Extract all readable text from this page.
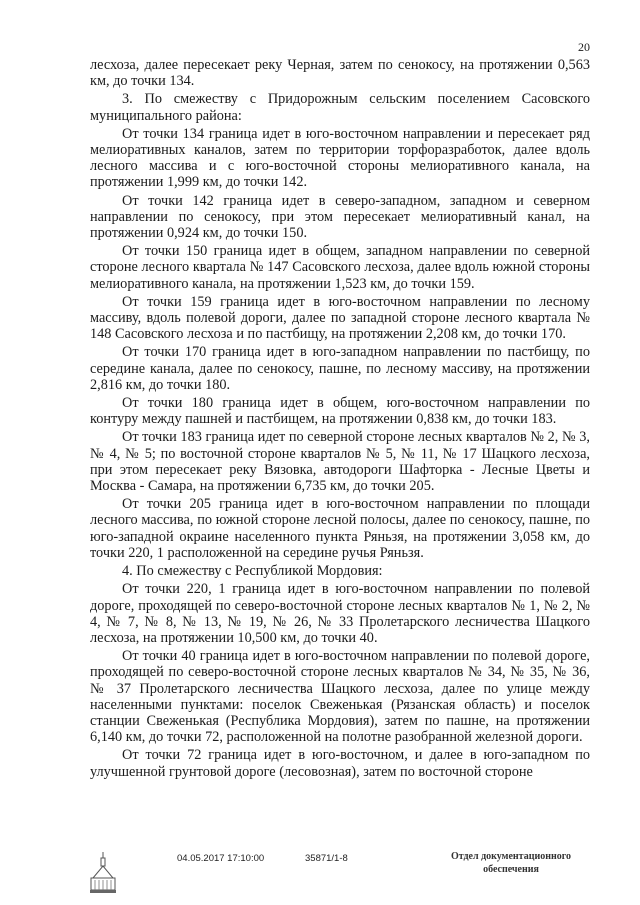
20

лесхоза, далее пересекает реку Черная, затем по сенокосу, на протяжении 0,563 км, до точки 134.

3. По смежеству с Придорожным сельским поселением Сасовского муниципального района:

От точки 134 граница идет в юго-восточном направлении и пересекает ряд мелиоративных каналов, затем по территории торфоразработок, далее вдоль лесного массива и с юго-восточной стороны мелиоративного канала, на протяжении 1,999 км, до точки 142.

От точки 142 граница идет в северо-западном, западном и северном направлении по сенокосу, при этом пересекает мелиоративный канал, на протяжении 0,924 км, до точки 150.

От точки 150 граница идет в общем, западном направлении по северной стороне лесного квартала № 147 Сасовского лесхоза, далее вдоль южной стороны мелиоративного канала, на протяжении 1,523 км, до точки 159.

От точки 159 граница идет в юго-восточном направлении по лесному массиву, вдоль полевой дороги, далее по западной стороне лесного квартала № 148 Сасовского лесхоза и по пастбищу, на протяжении 2,208 км, до точки 170.

От точки 170 граница идет в юго-западном направлении по пастбищу, по середине канала, далее по сенокосу, пашне, по лесному массиву, на протяжении 2,816 км, до точки 180.

От точки 180 граница идет в общем, юго-восточном направлении по контуру между пашней и пастбищем, на протяжении 0,838 км, до точки 183.

От точки 183 граница идет по северной стороне лесных кварталов № 2, № 3, № 4, № 5; по восточной стороне кварталов № 5, № 11, № 17 Шацкого лесхоза, при этом пересекает реку Вязовка, автодороги Шафторка - Лесные Цветы и Москва - Самара, на протяжении 6,735 км, до точки 205.

От точки 205 граница идет в юго-восточном направлении по площади лесного массива, по южной стороне лесной полосы, далее по сенокосу, пашне, по юго-западной окраине населенного пункта Ряньзя, на протяжении 3,058 км, до точки 220, 1 расположенной на середине ручья Ряньзя.

4. По смежеству с Республикой Мордовия:

От точки 220, 1 граница идет в юго-восточном направлении по полевой дороге, проходящей по северо-восточной стороне лесных кварталов № 1, № 2, № 4, № 7, № 8, № 13, № 19, № 26, № 33 Пролетарского лесничества Шацкого лесхоза, на протяжении 10,500 км, до точки 40.

От точки 40 граница идет в юго-восточном направлении по полевой дороге, проходящей по северо-восточной стороне лесных кварталов № 34, № 35, № 36, № 37 Пролетарского лесничества Шацкого лесхоза, далее по улице между населенными пунктами: поселок Свеженькая (Рязанская область) и поселок станции Свеженькая (Республика Мордовия), затем по пашне, на протяжении 6,140 км, до точки 72, расположенной на полотне разобранной железной дороги.

От точки 72 граница идет в юго-восточном, и далее в юго-западном по улучшенной грунтовой дороге (лесовозная), затем по восточной стороне

04.05.2017 17:10:00	35871/1-8	Отдел документационного обеспечения
